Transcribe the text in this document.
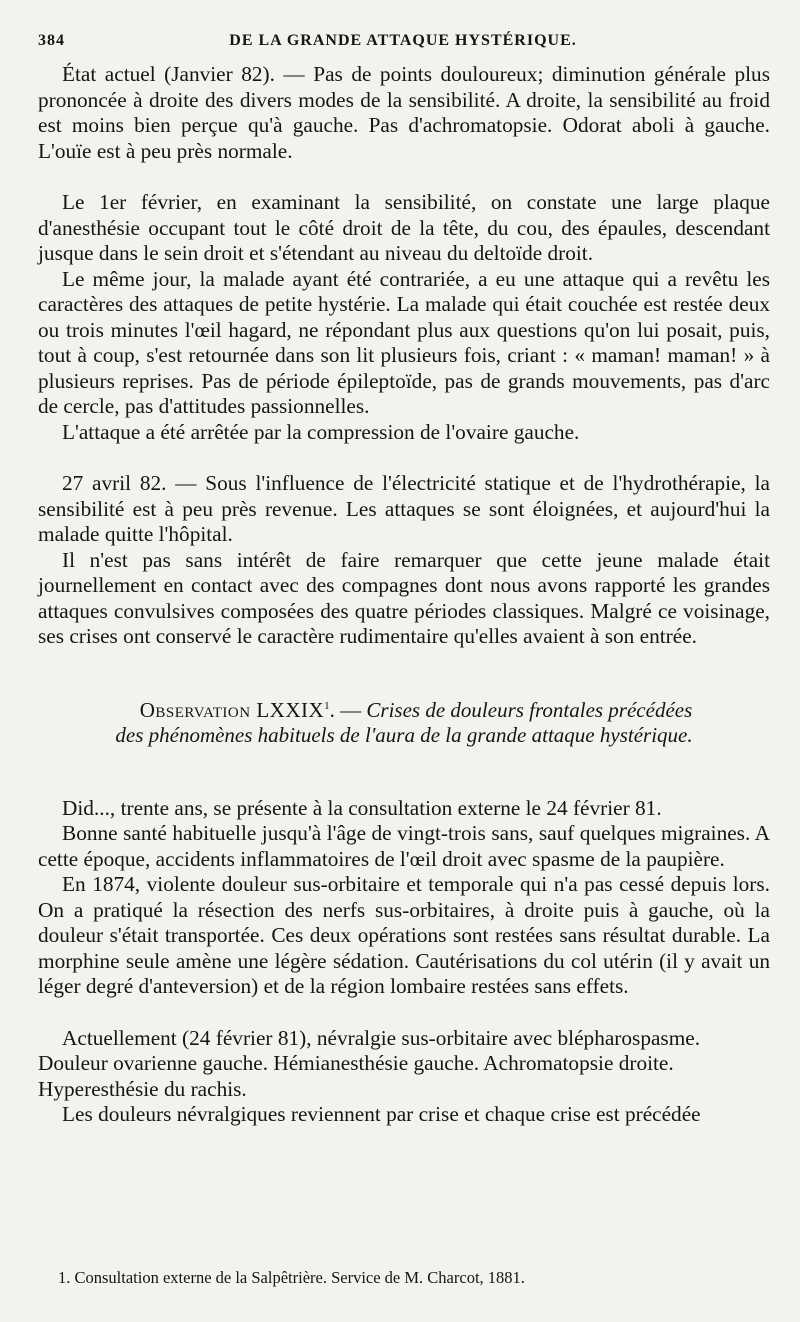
384	DE LA GRANDE ATTAQUE HYSTÉRIQUE.

État actuel (Janvier 82). — Pas de points douloureux; diminution générale plus prononcée à droite des divers modes de la sensibilité. A droite, la sensibilité au froid est moins bien perçue qu'à gauche. Pas d'achromatopsie. Odorat aboli à gauche. L'ouïe est à peu près normale.

Le 1er février, en examinant la sensibilité, on constate une large plaque d'anesthésie occupant tout le côté droit de la tête, du cou, des épaules, descendant jusque dans le sein droit et s'étendant au niveau du deltoïde droit.

Le même jour, la malade ayant été contrariée, a eu une attaque qui a revêtu les caractères des attaques de petite hystérie. La malade qui était couchée est restée deux ou trois minutes l'œil hagard, ne répondant plus aux questions qu'on lui posait, puis, tout à coup, s'est retournée dans son lit plusieurs fois, criant : « maman! maman! » à plusieurs reprises. Pas de période épileptoïde, pas de grands mouvements, pas d'arc de cercle, pas d'attitudes passionnelles.

L'attaque a été arrêtée par la compression de l'ovaire gauche.

27 avril 82. — Sous l'influence de l'électricité statique et de l'hydrothérapie, la sensibilité est à peu près revenue. Les attaques se sont éloignées, et aujourd'hui la malade quitte l'hôpital.

Il n'est pas sans intérêt de faire remarquer que cette jeune malade était journellement en contact avec des compagnes dont nous avons rapporté les grandes attaques convulsives composées des quatre périodes classiques. Malgré ce voisinage, ses crises ont conservé le caractère rudimentaire qu'elles avaient à son entrée.

Observation LXXIX$^1$. — Crises de douleurs frontales précédées
des phénomènes habituels de l'aura de la grande attaque hystérique.

Did..., trente ans, se présente à la consultation externe le 24 février 81.

Bonne santé habituelle jusqu'à l'âge de vingt-trois sans, sauf quelques migraines. A cette époque, accidents inflammatoires de l'œil droit avec spasme de la paupière.

En 1874, violente douleur sus-orbitaire et temporale qui n'a pas cessé depuis lors. On a pratiqué la résection des nerfs sus-orbitaires, à droite puis à gauche, où la douleur s'était transportée. Ces deux opérations sont restées sans résultat durable. La morphine seule amène une légère sédation. Cautérisations du col utérin (il y avait un léger degré d'anteversion) et de la région lombaire restées sans effets.

Actuellement (24 février 81), névralgie sus-orbitaire avec blépharospasme.
Douleur ovarienne gauche. Hémianesthésie gauche. Achromatopsie droite.
Hyperesthésie du rachis.

Les douleurs névralgiques reviennent par crise et chaque crise est précédée

1. Consultation externe de la Salpêtrière. Service de M. Charcot, 1881.
